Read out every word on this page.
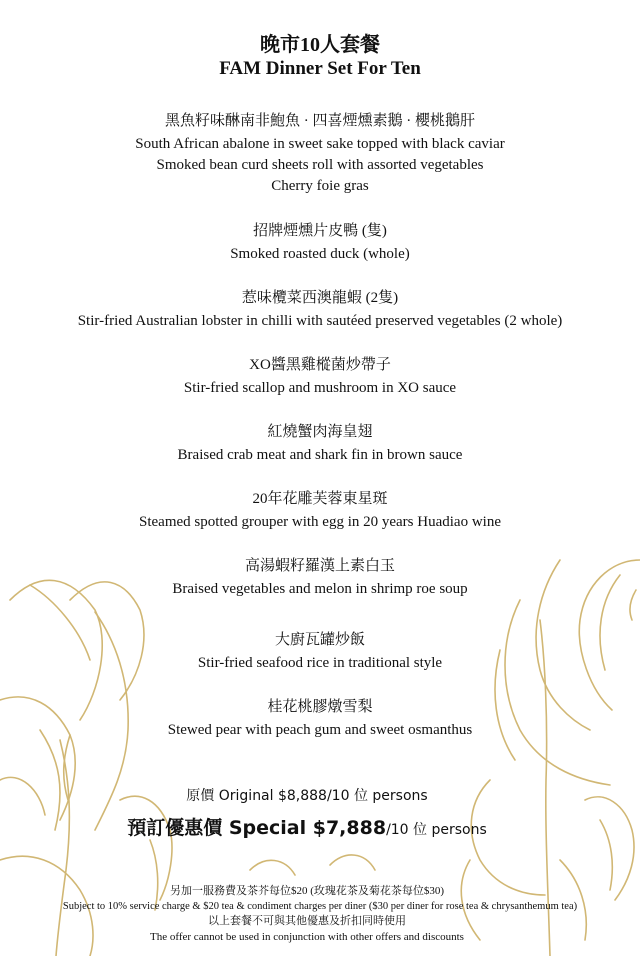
晚市10人套餐
FAM Dinner Set For Ten
黑魚籽味醂南非鮑魚 · 四喜煙燻素鵝 · 櫻桃鵝肝
South African abalone in sweet sake topped with black caviar
Smoked bean curd sheets roll with assorted vegetables
Cherry foie gras
招牌煙燻片皮鴨 (隻)
Smoked roasted duck (whole)
惹味欖菜西澳龍蝦 (2隻)
Stir-fried Australian lobster in chilli with sautéed preserved vegetables (2 whole)
XO醬黑雞樅菌炒帶子
Stir-fried scallop and mushroom in XO sauce
紅燒蟹肉海皇翅
Braised crab meat and shark fin in brown sauce
20年花雕芙蓉東星斑
Steamed spotted grouper with egg in 20 years Huadiao wine
高湯蝦籽羅漢上素白玉
Braised vegetables and melon in shrimp roe soup
大廚瓦罐炒飯
Stir-fried seafood rice in traditional style
桂花桃膠燉雪梨
Stewed pear with peach gum and sweet osmanthus
原價 Original $8,888/10 位 persons
預訂優惠價 Special $7,888/10 位 persons
另加一服務費及茶芥每位$20 (玫瑰花茶及菊花茶每位$30)
Subject to 10% service charge & $20 tea & condiment charges per diner ($30 per diner for rose tea & chrysanthemum tea)
以上套餐不可與其他優惠及折扣同時使用
The offer cannot be used in conjunction with other offers and discounts
